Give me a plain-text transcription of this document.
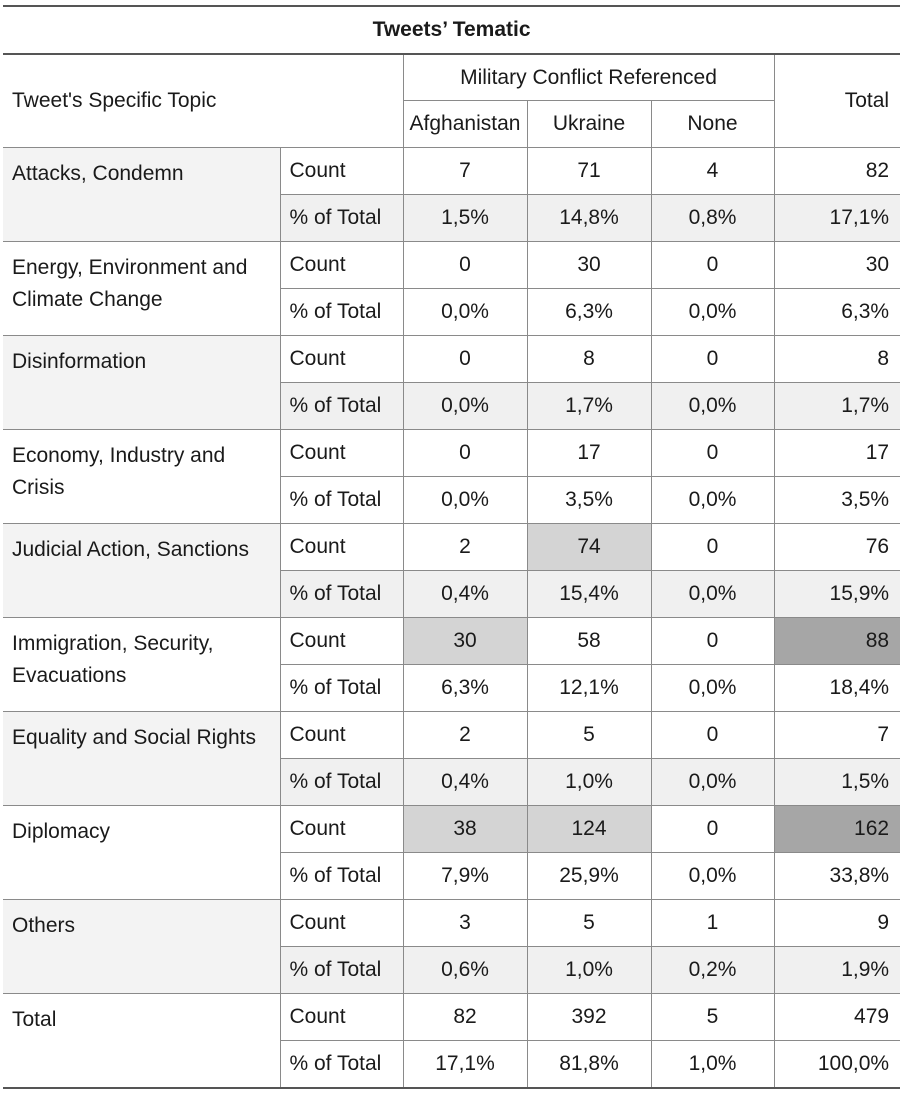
Tweets’ Tematic					
Tweet's Specific Topic		Military Conflict Referenced			Total
		Afghanistan	Ukraine	None	
Attacks, Condemn	Count	7	71	4	82
	% of Total	1,5%	14,8%	0,8%	17,1%
Energy, Environment and Climate Change	Count	0	30	0	30
	% of Total	0,0%	6,3%	0,0%	6,3%
Disinformation	Count	0	8	0	8
	% of Total	0,0%	1,7%	0,0%	1,7%
Economy, Industry and Crisis	Count	0	17	0	17
	% of Total	0,0%	3,5%	0,0%	3,5%
Judicial Action, Sanctions	Count	2	74	0	76
	% of Total	0,4%	15,4%	0,0%	15,9%
Immigration, Security, Evacuations	Count	30	58	0	88
	% of Total	6,3%	12,1%	0,0%	18,4%
Equality and Social Rights	Count	2	5	0	7
	% of Total	0,4%	1,0%	0,0%	1,5%
Diplomacy	Count	38	124	0	162
	% of Total	7,9%	25,9%	0,0%	33,8%
Others	Count	3	5	1	9
	% of Total	0,6%	1,0%	0,2%	1,9%
Total	Count	82	392	5	479
	% of Total	17,1%	81,8%	1,0%	100,0%
